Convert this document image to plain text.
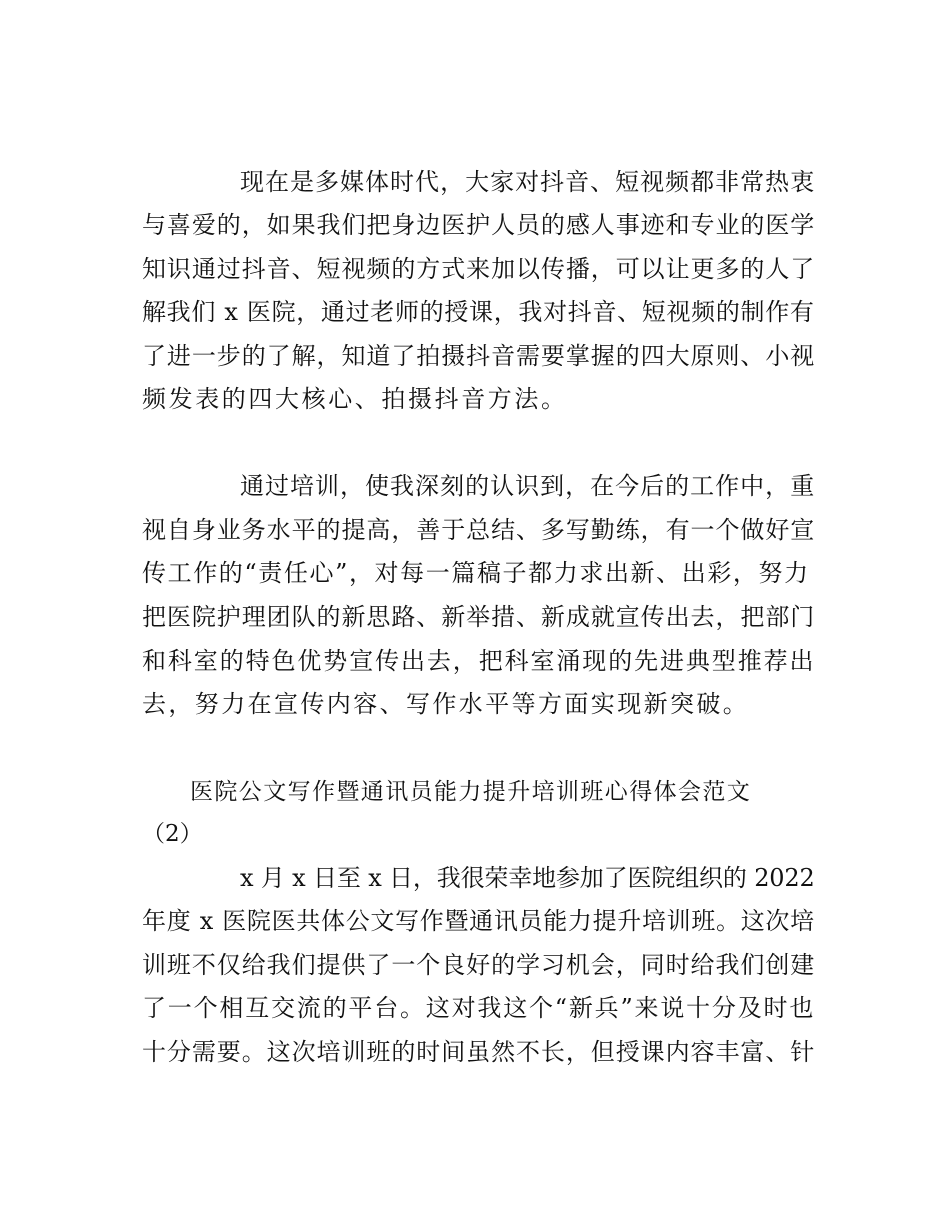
现在是多媒体时代，大家对抖音、短视频都非常热衷
与喜爱的，如果我们把身边医护人员的感人事迹和专业的医学
知识通过抖音、短视频的方式来加以传播，可以让更多的人了
解我们 x 医院，通过老师的授课，我对抖音、短视频的制作有
了进一步的了解，知道了拍摄抖音需要掌握的四大原则、小视
频发表的四大核心、拍摄抖音方法。
通过培训，使我深刻的认识到，在今后的工作中，重
视自身业务水平的提高，善于总结、多写勤练，有一个做好宣
传工作的“责任心”，对每一篇稿子都力求出新、出彩，努力
把医院护理团队的新思路、新举措、新成就宣传出去，把部门
和科室的特色优势宣传出去，把科室涌现的先进典型推荐出
去，努力在宣传内容、写作水平等方面实现新突破。
医院公文写作暨通讯员能力提升培训班心得体会范文
（2）
x 月 x 日至 x 日，我很荣幸地参加了医院组织的 2022
年度 x 医院医共体公文写作暨通讯员能力提升培训班。这次培
训班不仅给我们提供了一个良好的学习机会，同时给我们创建
了一个相互交流的平台。这对我这个“新兵”来说十分及时也
十分需要。这次培训班的时间虽然不长，但授课内容丰富、针
